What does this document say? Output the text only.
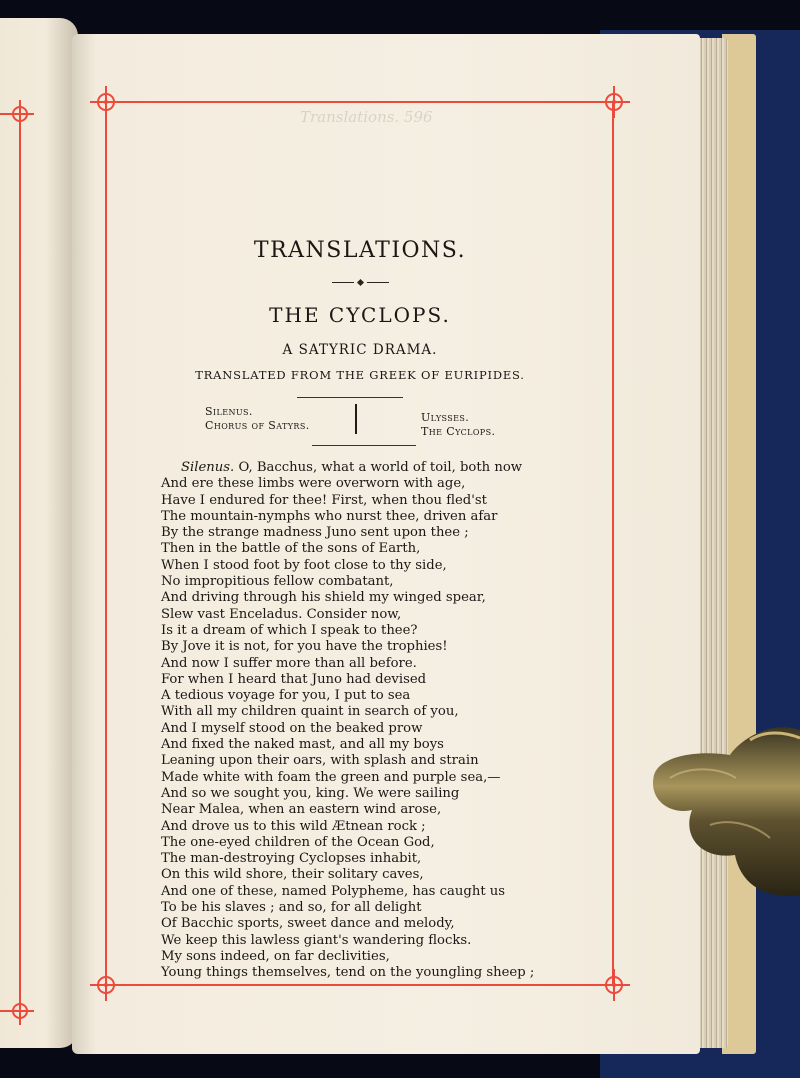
Translations. 596
TRANSLATIONS.
THE CYCLOPS.
A SATYRIC DRAMA.
TRANSLATED FROM THE GREEK OF EURIPIDES.
Silenus.
Chorus of Satyrs.
Ulysses.
The Cyclops.
Silenus. O, Bacchus, what a world of toil, both now
And ere these limbs were overworn with age,
Have I endured for thee! First, when thou fled'st
The mountain-nymphs who nurst thee, driven afar
By the strange madness Juno sent upon thee ;
Then in the battle of the sons of Earth,
When I stood foot by foot close to thy side,
No impropitious fellow combatant,
And driving through his shield my winged spear,
Slew vast Enceladus. Consider now,
Is it a dream of which I speak to thee?
By Jove it is not, for you have the trophies!
And now I suffer more than all before.
For when I heard that Juno had devised
A tedious voyage for you, I put to sea
With all my children quaint in search of you,
And I myself stood on the beaked prow
And fixed the naked mast, and all my boys
Leaning upon their oars, with splash and strain
Made white with foam the green and purple sea,—
And so we sought you, king. We were sailing
Near Malea, when an eastern wind arose,
And drove us to this wild Ætnean rock ;
The one-eyed children of the Ocean God,
The man-destroying Cyclopses inhabit,
On this wild shore, their solitary caves,
And one of these, named Polypheme, has caught us
To be his slaves ; and so, for all delight
Of Bacchic sports, sweet dance and melody,
We keep this lawless giant's wandering flocks.
My sons indeed, on far declivities,
Young things themselves, tend on the youngling sheep ;
